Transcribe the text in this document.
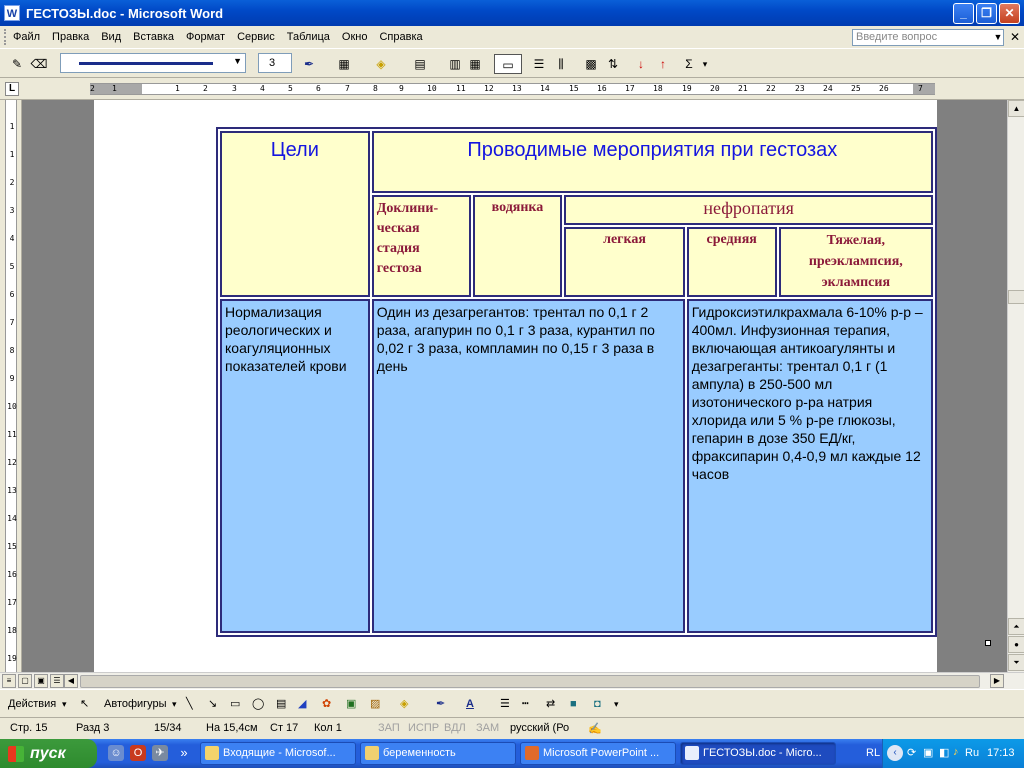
W ГЕСТОЗЫ.doc - Microsoft Word	_	❐	✕
Файл	Правка	Вид	Вставка	Формат	Сервис	Таблица	Окно	Справка	Введите вопрос	▼ ✕
✎ ⌫	✒	▦	◈	▤	▥ ▦	▭	☰	⫼	▩ ⇅	↓	↑	Σ	▾
▼	3
L	2 1	1	2	3	4	5	6	7	8	9	10 11 12 13 14 15 16 17 18 19 20 21 22 23 24 25 26	7
1
1
2
3
4
5
6
7
8
9
10
11
12
13
14
15
16
17
18
19
Цели	Проводимые мероприятия при гестозах				
	Доклини-ческая стадия гестоза	водянка	нефропатия		
			легкая	средняя	Тяжелая, преэклампсия, эклампсия
Нормализация реологических и коагуляционных показателей крови	Один из дезагрегантов: трентал по 0,1 г 2 раза, агапурин по 0,1 г 3 раза, курантил по 0,02 г 3 раза, компламин по 0,15 г 3 раза в день			Гидроксиэтилкрахмала 6-10% р-р – 400мл. Инфузионная терапия, включающая антикоагулянты и дезагреганты: трентал 0,1 г (1 ампула) в 250-500 мл изотонического р-ра натрия хлорида или 5 % р-ре глюкозы, гепарин в дозе 350 ЕД/кг, фраксипарин 0,4-0,9 мл каждые 12 часов	
▲
⏶
●
⏷
≡	▢	▣	☰ ◀	▶
Действия ▾ ↖ Автофигуры ▾ ╲ ↘ ▭ ◯ ▤ ◢ ✿ ▣ ▨ ◈	✒ A ☰ ┅ ⇄ ■ ◘ ▾
Стр. 15	Разд 3	15/34 На 15,4см Ст 17 Кол 1	ЗАП ИСПР ВДЛ ЗАМ русский (Ро ✍
пуск	☺	O	✈	»	Входящие - Microsof...	беременность	Microsoft PowerPoint ...	ГЕСТОЗЫ.doc - Micro...	RL	‹ ⟳ ▣ ◧ ♪ Ru 17:13
